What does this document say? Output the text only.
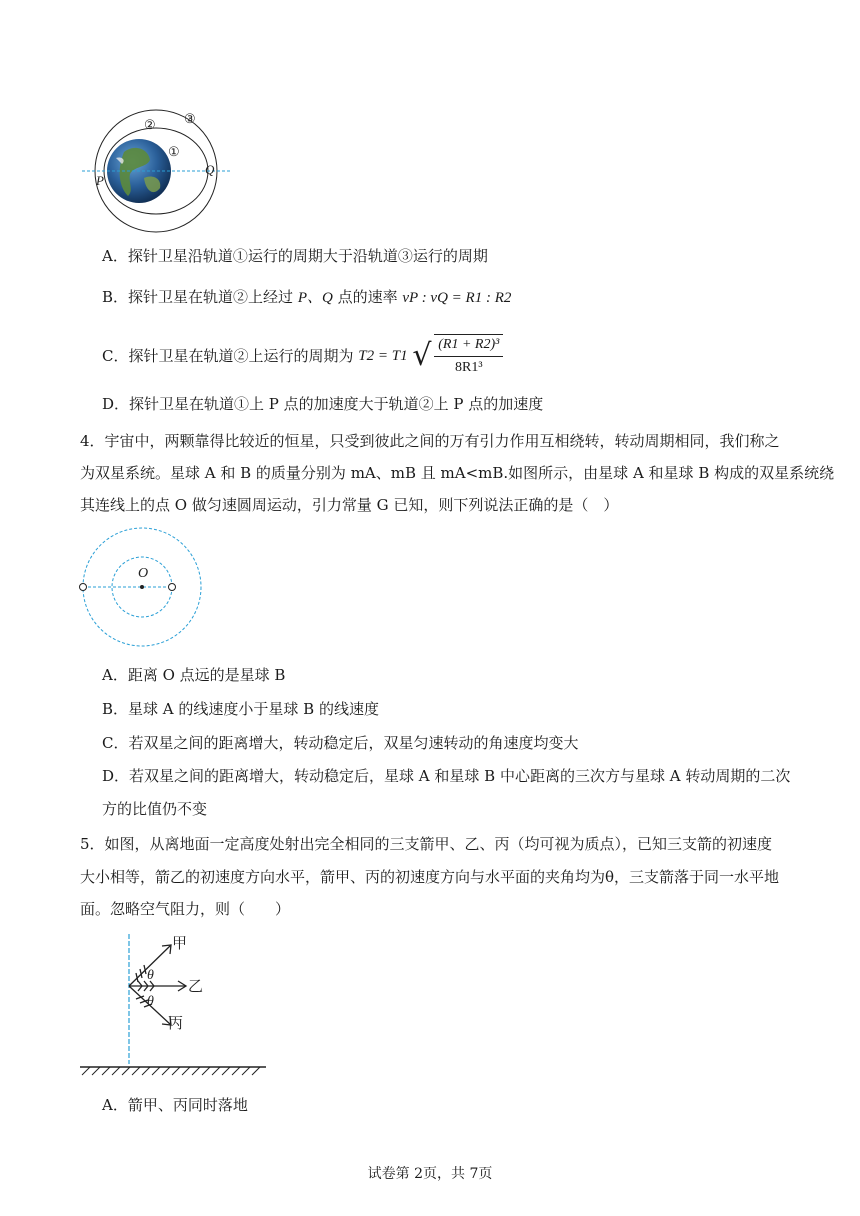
①
② ③
P
Q
A．探针卫星沿轨道①运行的周期大于沿轨道③运行的周期
B．探针卫星在轨道②上经过 P、Q 点的速率 vP : vQ = R1 : R2
C．探针卫星在轨道②上运行的周期为 T2 = T1 √ $\frac{\text{(R1 + R2)³}}{\text{8R1³}}$
D．探针卫星在轨道①上 P 点的加速度大于轨道②上 P 点的加速度
4．宇宙中，两颗靠得比较近的恒星，只受到彼此之间的万有引力作用互相绕转，转动周期相同，我们称之
为双星系统。星球 A 和 B 的质量分别为 mA、mB 且 mA<mB.如图所示，由星球 A 和星球 B 构成的双星系统绕
其连线上的点 O 做匀速圆周运动，引力常量 G 已知，则下列说法正确的是（　）
O
A．距离 O 点远的是星球 B
B．星球 A 的线速度小于星球 B 的线速度
C．若双星之间的距离增大，转动稳定后，双星匀速转动的角速度均变大
D．若双星之间的距离增大，转动稳定后，星球 A 和星球 B 中心距离的三次方与星球 A 转动周期的二次
方的比值仍不变
5．如图，从离地面一定高度处射出完全相同的三支箭甲、乙、丙（均可视为质点），已知三支箭的初速度
大小相等，箭乙的初速度方向水平，箭甲、丙的初速度方向与水平面的夹角均为θ，三支箭落于同一水平地
面。忽略空气阻力，则（　　）
θ
θ
甲
乙
丙
A．箭甲、丙同时落地
试卷第 2页，共 7页
